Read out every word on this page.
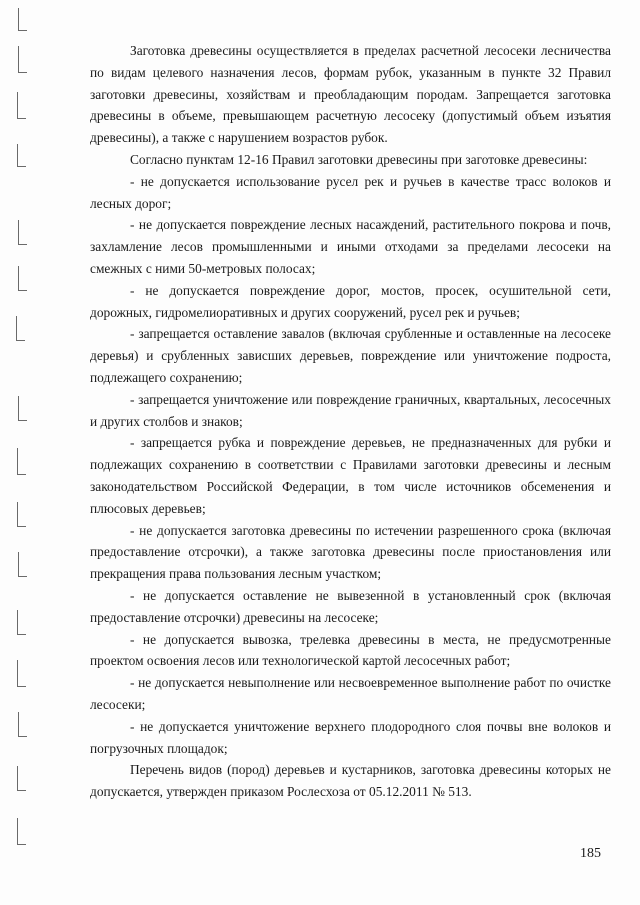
Заготовка древесины осуществляется в пределах расчетной лесосеки лесничества по видам целевого назначения лесов, формам рубок, указанным в пункте 32 Правил заготовки древесины, хозяйствам и преобладающим породам. Запрещается заготовка древесины в объеме, превышающем расчетную лесосеку (допустимый объем изъятия древесины), а также с нарушением возрастов рубок.

Согласно пунктам 12-16 Правил заготовки древесины при заготовке древесины:

- не допускается использование русел рек и ручьев в качестве трасс волоков и лесных дорог;

- не допускается повреждение лесных насаждений, растительного покрова и почв, захламление лесов промышленными и иными отходами за пределами лесосеки на смежных с ними 50-метровых полосах;

- не допускается повреждение дорог, мостов, просек, осушительной сети, дорожных, гидромелиоративных и других сооружений, русел рек и ручьев;

- запрещается оставление завалов (включая срубленные и оставленные на лесосеке деревья) и срубленных зависших деревьев, повреждение или уничтожение подроста, подлежащего сохранению;

- запрещается уничтожение или повреждение граничных, квартальных, лесосечных и других столбов и знаков;

- запрещается рубка и повреждение деревьев, не предназначенных для рубки и подлежащих сохранению в соответствии с Правилами заготовки древесины и лесным законодательством Российской Федерации, в том числе источников обсеменения и плюсовых деревьев;

- не допускается заготовка древесины по истечении разрешенного срока (включая предоставление отсрочки), а также заготовка древесины после приостановления или прекращения права пользования лесным участком;

- не допускается оставление не вывезенной в установленный срок (включая предоставление отсрочки) древесины на лесосеке;

- не допускается вывозка, трелевка древесины в места, не предусмотренные проектом освоения лесов или технологической картой лесосечных работ;

- не допускается невыполнение или несвоевременное выполнение работ по очистке лесосеки;

- не допускается уничтожение верхнего плодородного слоя почвы вне волоков и погрузочных площадок;

Перечень видов (пород) деревьев и кустарников, заготовка древесины которых не допускается, утвержден приказом Рослесхоза от 05.12.2011 № 513.

185
